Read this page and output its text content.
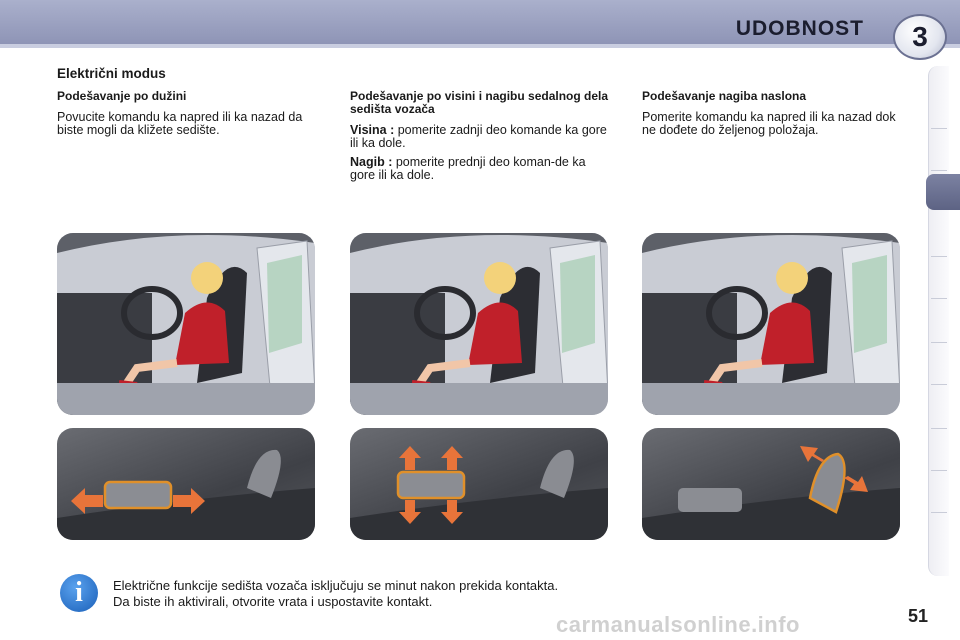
UDOBNOST	3
Električni modus
Podešavanje po dužini

Povucite komandu ka napred ili ka nazad da biste mogli da kližete sedište.

Podešavanje po visini i nagibu sedalnog dela sedišta vozača

Visina : pomerite zadnji deo komande ka gore ili ka dole.

Nagib : pomerite prednji deo koman-de ka gore ili ka dole.

Podešavanje nagiba naslona

Pomerite komandu ka napred ili ka nazad dok ne dođete do željenog položaja.

i	Električne funkcije sedišta vozača isključuju se minut nakon prekida kontakta.
Da biste ih aktivirali, otvorite vrata i uspostavite kontakt.
carmanualsonline.info	51
